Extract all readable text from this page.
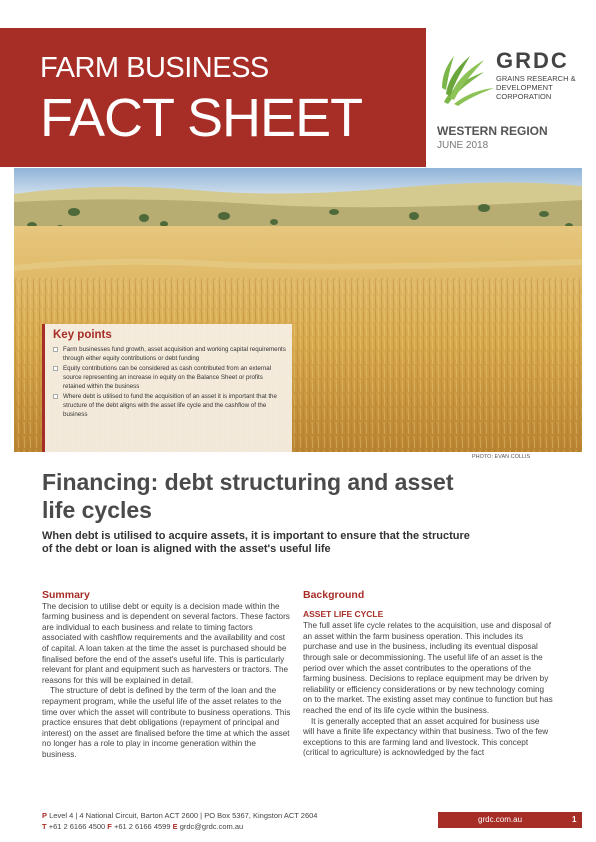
FARM BUSINESS
FACT SHEET
GRDC
GRAINS RESEARCH & DEVELOPMENT CORPORATION
WESTERN REGION
JUNE 2018
PHOTO: EVAN COLLIS
Key points
Farm businesses fund growth, asset acquisition and working capital requirements through either equity contributions or debt funding
Equity contributions can be considered as cash contributed from an external source representing an increase in equity on the Balance Sheet or profits retained within the business
Where debt is utilised to fund the acquisition of an asset it is important that the structure of the debt aligns with the asset life cycle and the cashflow of the business
Financing: debt structuring and asset life cycles

When debt is utilised to acquire assets, it is important to ensure that the structure of the debt or loan is aligned with the asset's useful life

Summary

The decision to utilise debt or equity is a decision made within the farming business and is dependent on several factors. These factors are individual to each business and relate to timing factors associated with cashflow requirements and the availability and cost of capital. A loan taken at the time the asset is purchased should be finalised before the end of the asset's useful life. This is particularly relevant for plant and equipment such as harvesters or tractors. The reasons for this will be explained in detail.

The structure of debt is defined by the term of the loan and the repayment program, while the useful life of the asset relates to the time over which the asset will contribute to business operations. This practice ensures that debt obligations (repayment of principal and interest) on the asset are finalised before the time at which the asset no longer has a role to play in income generation within the business.

Background
ASSET LIFE CYCLE

The full asset life cycle relates to the acquisition, use and disposal of an asset within the farm business operation. This includes its purchase and use in the business, including its eventual disposal through sale or decommissioning. The useful life of an asset is the period over which the asset contributes to the operations of the farming business. Decisions to replace equipment may be driven by reliability or efficiency considerations or by new technology coming on to the market. The existing asset may continue to function but has reached the end of its life cycle within the business.

It is generally accepted that an asset acquired for business use will have a finite life expectancy within that business. Two of the few exceptions to this are farming land and livestock. This concept (critical to agriculture) is acknowledged by the fact

P Level 4 | 4 National Circuit, Barton ACT 2600 | PO Box 5367, Kingston ACT 2604
T +61 2 6166 4500 F +61 2 6166 4599 E grdc@grdc.com.au
grdc.com.au	1
